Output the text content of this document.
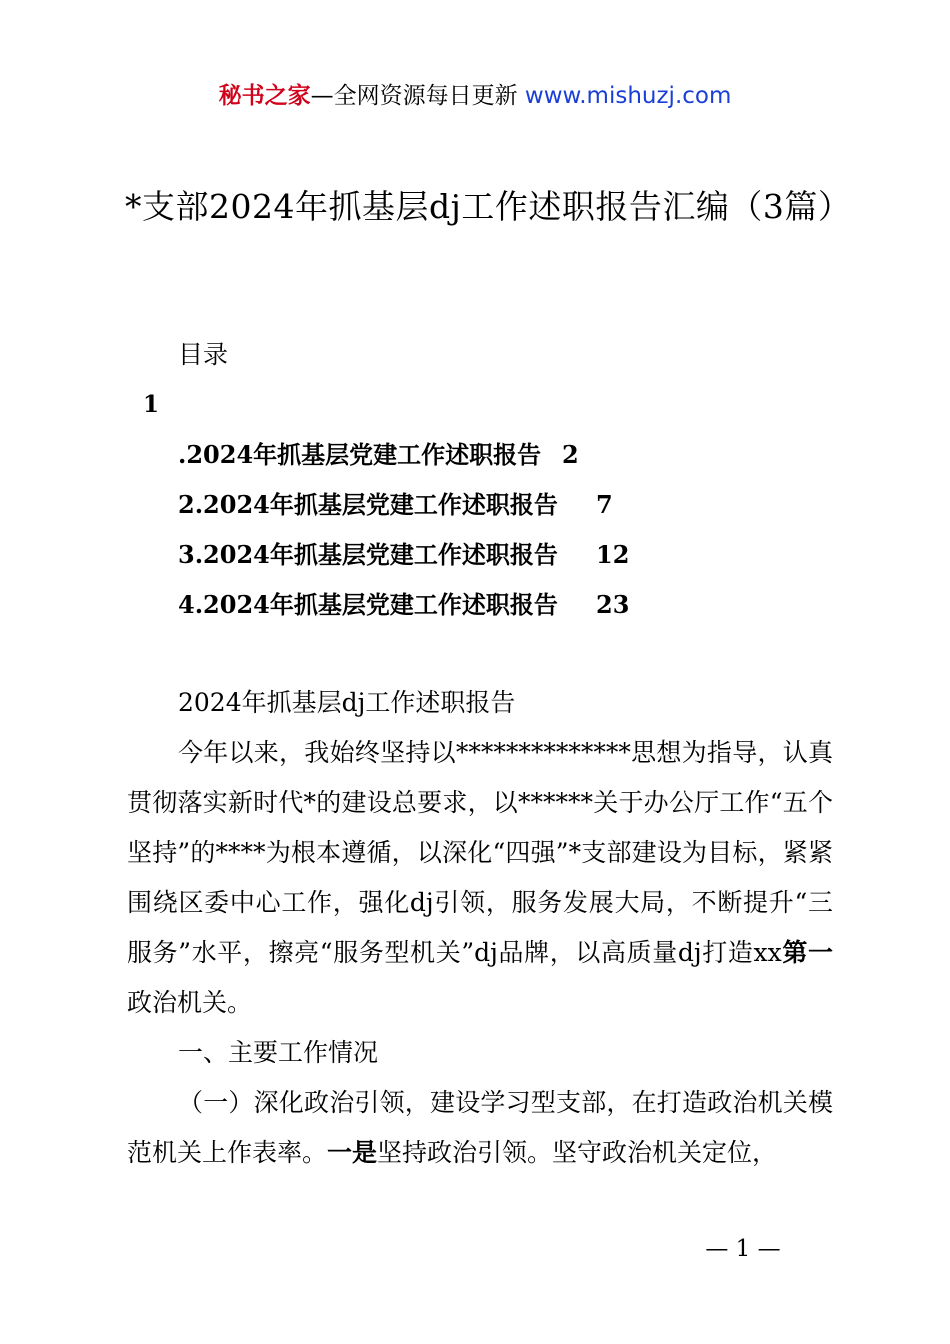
秘书之家—全网资源每日更新 www.mishuzj.com
*支部2024年抓基层dj工作述职报告汇编（3篇）
目录
1
.2024年抓基层党建工作述职报告 2
2.2024年抓基层党建工作述职报告 7
3.2024年抓基层党建工作述职报告 12
4.2024年抓基层党建工作述职报告 23

2024年抓基层dj工作述职报告

今年以来，我始终坚持以**************思想为指导，认真贯彻落实新时代*的建设总要求，以******关于办公厅工作“五个坚持”的****为根本遵循，以深化“四强”*支部建设为目标，紧紧围绕区委中心工作，强化dj引领，服务发展大局，不断提升“三服务”水平，擦亮“服务型机关”dj品牌，以高质量dj打造xx第一政治机关。

一、主要工作情况

（一）深化政治引领，建设学习型支部，在打造政治机关模范机关上作表率。一是坚持政治引领。坚守政治机关定位，

— 1 —
